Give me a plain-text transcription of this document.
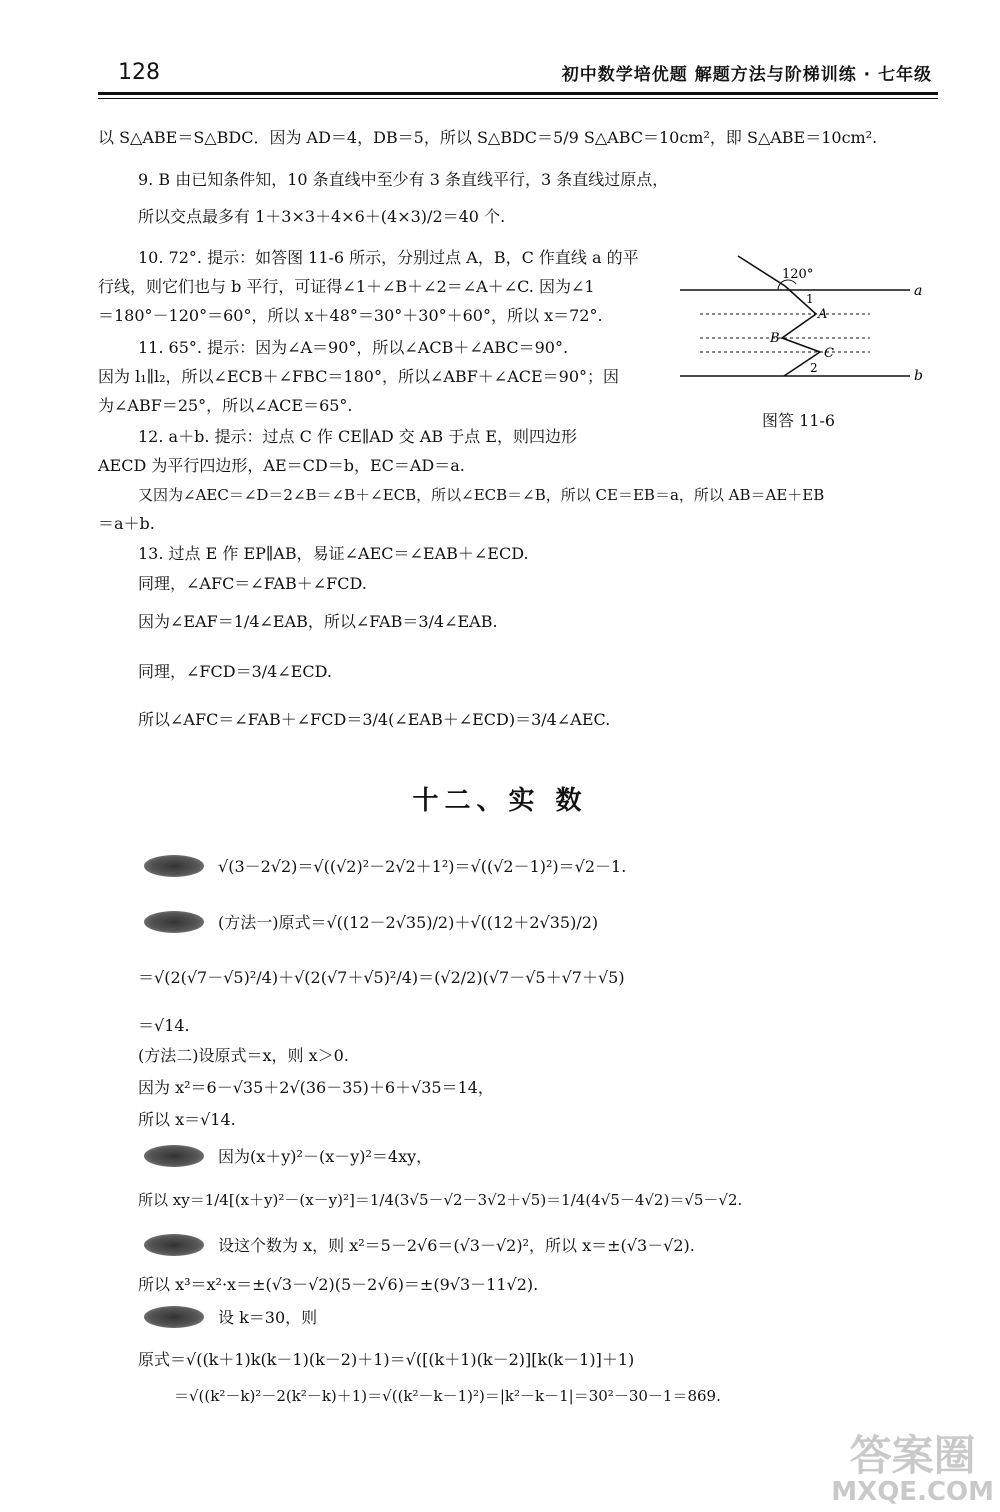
128	初中数学培优题 解题方法与阶梯训练 · 七年级
以 S△ABE＝S△BDC．因为 AD＝4，DB＝5，所以 S△BDC＝5/9 S△ABC＝10cm²，即 S△ABE＝10cm².
9. B 由已知条件知，10 条直线中至少有 3 条直线平行，3 条直线过原点，
所以交点最多有 1＋3×3＋4×6＋(4×3)/2＝40 个.
10. 72°. 提示：如答图 11-6 所示，分别过点 A，B，C 作直线 a 的平
行线，则它们也与 b 平行，可证得∠1＋∠B＋∠2＝∠A＋∠C. 因为∠1
＝180°－120°＝60°，所以 x＋48°＝30°＋30°＋60°，所以 x＝72°.
11. 65°. 提示：因为∠A＝90°，所以∠ACB＋∠ABC＝90°.
因为 l₁∥l₂，所以∠ECB＋∠FBC＝180°，所以∠ABF＋∠ACE＝90°；因
为∠ABF＝25°，所以∠ACE＝65°.
12. a＋b. 提示：过点 C 作 CE∥AD 交 AB 于点 E，则四边形
AECD 为平行四边形，AE＝CD＝b，EC＝AD＝a.
又因为∠AEC＝∠D＝2∠B＝∠B＋∠ECB，所以∠ECB＝∠B，所以 CE＝EB＝a，所以 AB＝AE＋EB
＝a＋b.
13. 过点 E 作 EP∥AB，易证∠AEC＝∠EAB＋∠ECD.
同理，∠AFC＝∠FAB＋∠FCD.
因为∠EAF＝1/4∠EAB，所以∠FAB＝3/4∠EAB.
同理，∠FCD＝3/4∠ECD.
所以∠AFC＝∠FAB＋∠FCD＝3/4(∠EAB＋∠ECD)＝3/4∠AEC.
120°
a
b
A
B
C
1
2
图答 11-6
十二、实 数
√(3－2√2)＝√((√2)²－2√2＋1²)＝√((√2－1)²)＝√2－1.
(方法一)原式＝√((12－2√35)/2)＋√((12＋2√35)/2)
＝√(2(√7－√5)²/4)＋√(2(√7＋√5)²/4)＝(√2/2)(√7－√5＋√7＋√5)
＝√14.
(方法二)设原式＝x，则 x＞0.
因为 x²＝6－√35＋2√(36－35)＋6＋√35＝14，
所以 x＝√14.
因为(x＋y)²－(x－y)²＝4xy，
所以 xy＝1/4[(x＋y)²－(x－y)²]＝1/4(3√5－√2－3√2＋√5)＝1/4(4√5－4√2)＝√5－√2.
设这个数为 x，则 x²＝5－2√6＝(√3－√2)²，所以 x＝±(√3－√2).
所以 x³＝x²·x＝±(√3－√2)(5－2√6)＝±(9√3－11√2).
设 k＝30，则
原式＝√((k＋1)k(k－1)(k－2)＋1)＝√([(k＋1)(k－2)][k(k－1)]＋1)
＝√((k²－k)²－2(k²－k)＋1)＝√((k²－k－1)²)＝|k²－k－1|＝30²－30－1＝869.
答案圈
MXQE.COM
